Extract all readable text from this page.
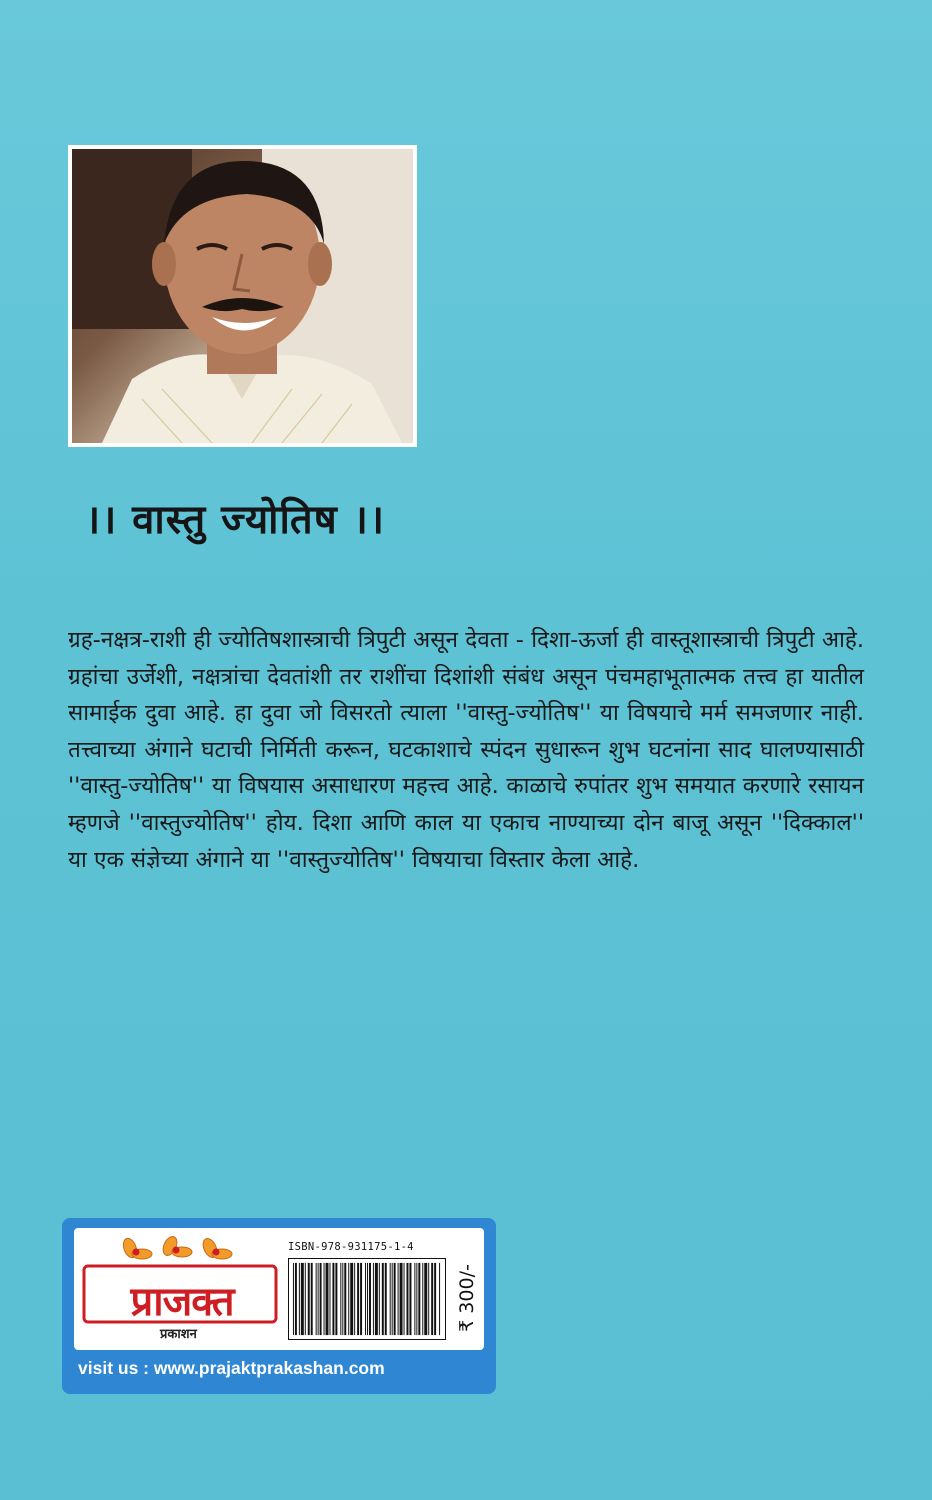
।। वास्तु ज्योतिष ।।

ग्रह-नक्षत्र-राशी ही ज्योतिषशास्त्राची त्रिपुटी असून देवता - दिशा-ऊर्जा ही वास्तूशास्त्राची त्रिपुटी आहे. ग्रहांचा उर्जेशी, नक्षत्रांचा देवतांशी तर राशींचा दिशांशी संबंध असून पंचमहाभूतात्मक तत्त्व हा यातील सामाईक दुवा आहे. हा दुवा जो विसरतो त्याला ''वास्तु-ज्योतिष'' या विषयाचे मर्म समजणार नाही. तत्त्वाच्या अंगाने घटाची निर्मिती करून, घटकाशाचे स्पंदन सुधारून शुभ घटनांना साद घालण्यासाठी ''वास्तु-ज्योतिष'' या विषयास असाधारण महत्त्व आहे. काळाचे रुपांतर शुभ समयात करणारे रसायन म्हणजे ''वास्तुज्योतिष'' होय. दिशा आणि काल या एकाच नाण्याच्या दोन बाजू असून ''दिक्काल'' या एक संज्ञेच्या अंगाने या ''वास्तुज्योतिष'' विषयाचा विस्तार केला आहे.

प्राजक्त
प्रकाशन
ISBN-978-931175-1-4
₹ 300/-
visit us : www.prajaktprakashan.com
